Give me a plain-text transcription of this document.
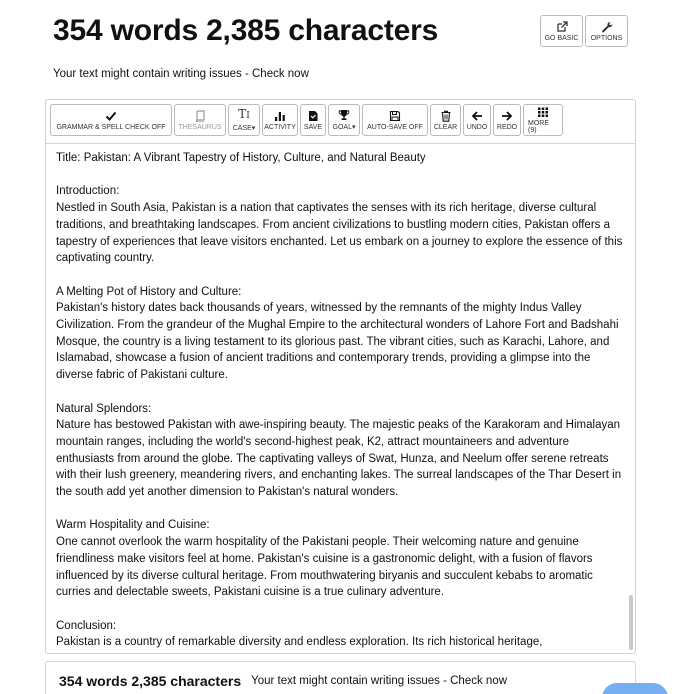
354 words 2,385 characters	GO BASIC OPTIONS
Your text might contain writing issues - Check now
GRAMMAR & SPELL CHECK OFF THESAURUS
TI
CASE▾ ACTIVITY SAVE GOAL▾ AUTO-SAVE OFF CLEAR UNDO REDO MORE (9)

Title: Pakistan: A Vibrant Tapestry of History, Culture, and Natural Beauty

Introduction:

Nestled in South Asia, Pakistan is a nation that captivates the senses with its rich heritage, diverse cultural traditions, and breathtaking landscapes. From ancient civilizations to bustling modern cities, Pakistan offers a tapestry of experiences that leave visitors enchanted. Let us embark on a journey to explore the essence of this captivating country.

A Melting Pot of History and Culture:

Pakistan's history dates back thousands of years, witnessed by the remnants of the mighty Indus Valley Civilization. From the grandeur of the Mughal Empire to the architectural wonders of Lahore Fort and Badshahi Mosque, the country is a living testament to its glorious past. The vibrant cities, such as Karachi, Lahore, and Islamabad, showcase a fusion of ancient traditions and contemporary trends, providing a glimpse into the diverse fabric of Pakistani culture.

Natural Splendors:

Nature has bestowed Pakistan with awe-inspiring beauty. The majestic peaks of the Karakoram and Himalayan mountain ranges, including the world's second-highest peak, K2, attract mountaineers and adventure enthusiasts from around the globe. The captivating valleys of Swat, Hunza, and Neelum offer serene retreats with their lush greenery, meandering rivers, and enchanting lakes. The surreal landscapes of the Thar Desert in the south add yet another dimension to Pakistan's natural wonders.

Warm Hospitality and Cuisine:

One cannot overlook the warm hospitality of the Pakistani people. Their welcoming nature and genuine friendliness make visitors feel at home. Pakistan's cuisine is a gastronomic delight, with a fusion of flavors influenced by its diverse cultural heritage. From mouthwatering biryanis and succulent kebabs to aromatic curries and delectable sweets, Pakistani cuisine is a true culinary adventure.

Conclusion:

Pakistan is a country of remarkable diversity and endless exploration. Its rich historical heritage,

354 words 2,385 characters Your text might contain writing issues - Check now
